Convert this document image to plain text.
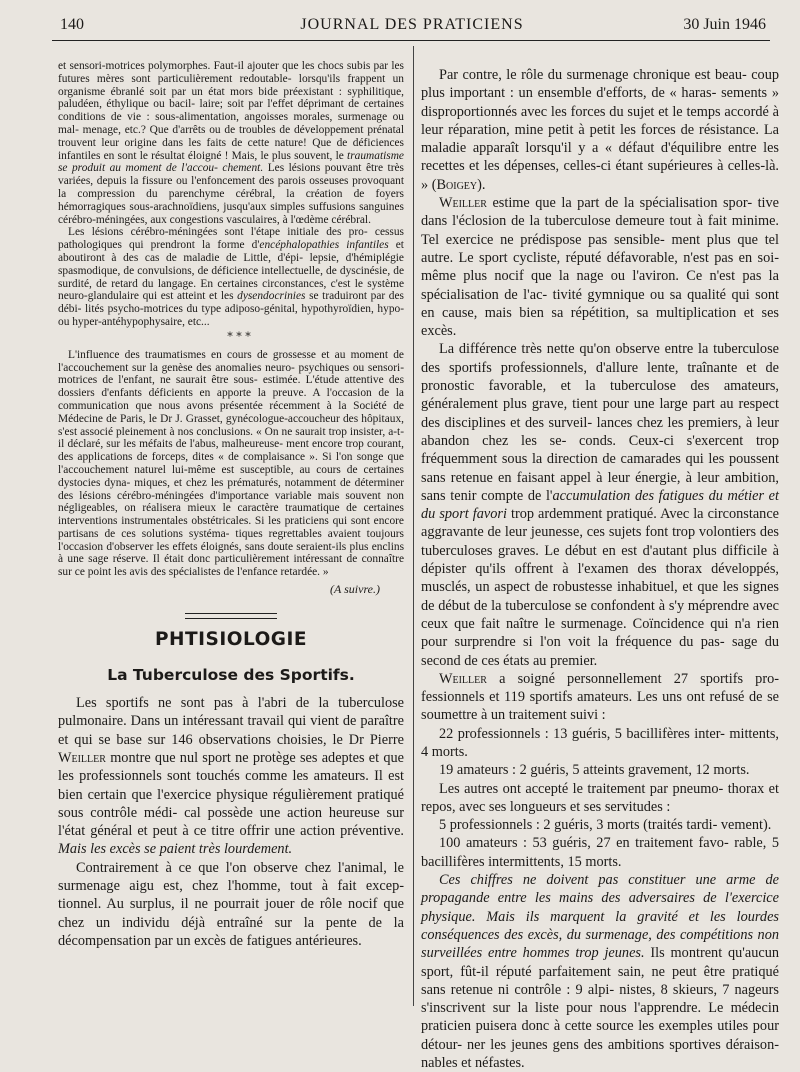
140	JOURNAL DES PRATICIENS	30 Juin 1946

et sensori-motrices polymorphes. Faut-il ajouter que les chocs subis par les futures mères sont particulièrement redoutable- lorsqu'ils frappent un organisme ébranlé soit par un état mors bide préexistant : syphilitique, paludéen, éthylique ou bacil- laire; soit par l'effet déprimant de certaines conditions de vie : sous-alimentation, angoisses morales, surmenage ou mal- menage, etc.? Que d'arrêts ou de troubles de développement prénatal trouvent leur origine dans les faits de cette nature! Que de déficiences infantiles en sont le résultat éloigné ! Mais, le plus souvent, le traumatisme se produit au moment de l'accou- chement. Les lésions pouvant être très variées, depuis la fissure ou l'enfoncement des parois osseuses provoquant la compression du parenchyme cérébral, la création de foyers hémorragiques sous-arachnoïdiens, jusqu'aux simples suffusions sanguines cérébro-méningées, aux congestions vasculaires, à l'œdème cérébral.

Les lésions cérébro-méningées sont l'étape initiale des pro- cessus pathologiques qui prendront la forme d'encéphalopathies infantiles et aboutiront à des cas de maladie de Little, d'épi- lepsie, d'hémiplégie spasmodique, de convulsions, de déficience intellectuelle, de dyscinésie, de surdité, de retard du langage. En certaines circonstances, c'est le système neuro-glandulaire qui est atteint et les dysendocrinies se traduiront par des débi- lités psycho-motrices du type adiposo-génital, hypothyroïdien, hypo- ou hyper-antéhypophysaire, etc...

* * *

L'influence des traumatismes en cours de grossesse et au moment de l'accouchement sur la genèse des anomalies neuro- psychiques ou sensori-motrices de l'enfant, ne saurait être sous- estimée. L'étude attentive des dossiers d'enfants déficients en apporte la preuve. A l'occasion de la communication que nous avons présentée récemment à la Société de Médecine de Paris, le Dr J. Grasset, gynécologue-accoucheur des hôpitaux, s'est associé pleinement à nos conclusions. « On ne saurait trop insister, a-t-il déclaré, sur les méfaits de l'abus, malheureuse- ment encore trop courant, des applications de forceps, dites « de complaisance ». Si l'on songe que l'accouchement naturel lui-même est susceptible, au cours de certaines dystocies dyna- miques, et chez les prématurés, notamment de déterminer des lésions cérébro-méningées d'importance variable mais souvent non négligeables, on réalisera mieux le caractère traumatique de certaines interventions instrumentales obstétricales. Si les praticiens qui sont encore partisans de ces solutions systéma- tiques regrettables avaient toujours l'occasion d'observer les effets éloignés, sans doute seraient-ils plus enclins à une sage réserve. Il était donc particulièrement intéressant de connaître sur ce point les avis des spécialistes de l'enfance retardée. »

(A suivre.)
PHTISIOLOGIE
La Tuberculose des Sportifs.

Les sportifs ne sont pas à l'abri de la tuberculose pulmonaire. Dans un intéressant travail qui vient de paraître et qui se base sur 146 observations choisies, le Dr Pierre Weiller montre que nul sport ne protège ses adeptes et que les professionnels sont touchés comme les amateurs. Il est bien certain que l'exercice physique régulièrement pratiqué sous contrôle médi- cal possède une action heureuse sur l'état général et peut à ce titre offrir une action préventive. Mais les excès se paient très lourdement.

Contrairement à ce que l'on observe chez l'animal, le surmenage aigu est, chez l'homme, tout à fait excep- tionnel. Au surplus, il ne pourrait jouer de rôle nocif que chez un individu déjà entraîné sur la pente de la décompensation par un excès de fatigues antérieures.

Par contre, le rôle du surmenage chronique est beau- coup plus important : un ensemble d'efforts, de « haras- sements » disproportionnés avec les forces du sujet et le temps accordé à leur réparation, mine petit à petit les forces de résistance. La maladie apparaît lorsqu'il y a « défaut d'équilibre entre les recettes et les dépenses, celles-ci étant supérieures à celles-là. » (Boigey).

Weiller estime que la part de la spécialisation spor- tive dans l'éclosion de la tuberculose demeure tout à fait minime. Tel exercice ne prédispose pas sensible- ment plus que tel autre. Le sport cycliste, réputé défavorable, n'est pas en soi-même plus nocif que la nage ou l'aviron. Ce n'est pas la spécialisation de l'ac- tivité gymnique ou sa qualité qui sont en cause, mais bien sa répétition, sa multiplication et ses excès.

La différence très nette qu'on observe entre la tuberculose des sportifs professionnels, d'allure lente, traînante et de pronostic favorable, et la tuberculose des amateurs, généralement plus grave, tient pour une large part au respect des disciplines et des surveil- lances chez les premiers, à leur abandon chez les se- conds. Ceux-ci s'exercent trop fréquemment sous la direction de camarades qui les poussent sans retenue en faisant appel à leur énergie, à leur ambition, sans tenir compte de l'accumulation des fatigues du métier et du sport favori trop ardemment pratiqué. Avec la circonstance aggravante de leur jeunesse, ces sujets font trop volontiers des tuberculoses graves. Le début en est d'autant plus difficile à dépister qu'ils offrent à l'examen des thorax développés, musclés, un aspect de robustesse inhabituel, et que les signes de début de la tuberculose se confondent à s'y méprendre avec ceux que fait naître le surmenage. Coïncidence qui n'a rien pour surprendre si l'on voit la fréquence du pas- sage du second de ces états au premier.

Weiller a soigné personnellement 27 sportifs pro- fessionnels et 119 sportifs amateurs. Les uns ont refusé de se soumettre à un traitement suivi :

22 professionnels : 13 guéris, 5 bacillifères inter- mittents, 4 morts.

19 amateurs : 2 guéris, 5 atteints gravement, 12 morts.

Les autres ont accepté le traitement par pneumo- thorax et repos, avec ses longueurs et ses servitudes :

5 professionnels : 2 guéris, 3 morts (traités tardi- vement).

100 amateurs : 53 guéris, 27 en traitement favo- rable, 5 bacillifères intermittents, 15 morts.

Ces chiffres ne doivent pas constituer une arme de propagande entre les mains des adversaires de l'exercice physique. Mais ils marquent la gravité et les lourdes conséquences des excès, du surmenage, des compétitions non surveillées entre hommes trop jeunes. Ils montrent qu'aucun sport, fût-il réputé parfaitement sain, ne peut être pratiqué sans retenue ni contrôle : 9 alpi- nistes, 8 skieurs, 7 nageurs s'inscrivent sur la liste pour nous l'apprendre. Le médecin praticien puisera donc à cette source les exemples utiles pour détour- ner les jeunes gens des ambitions sportives déraison- nables et néfastes.
